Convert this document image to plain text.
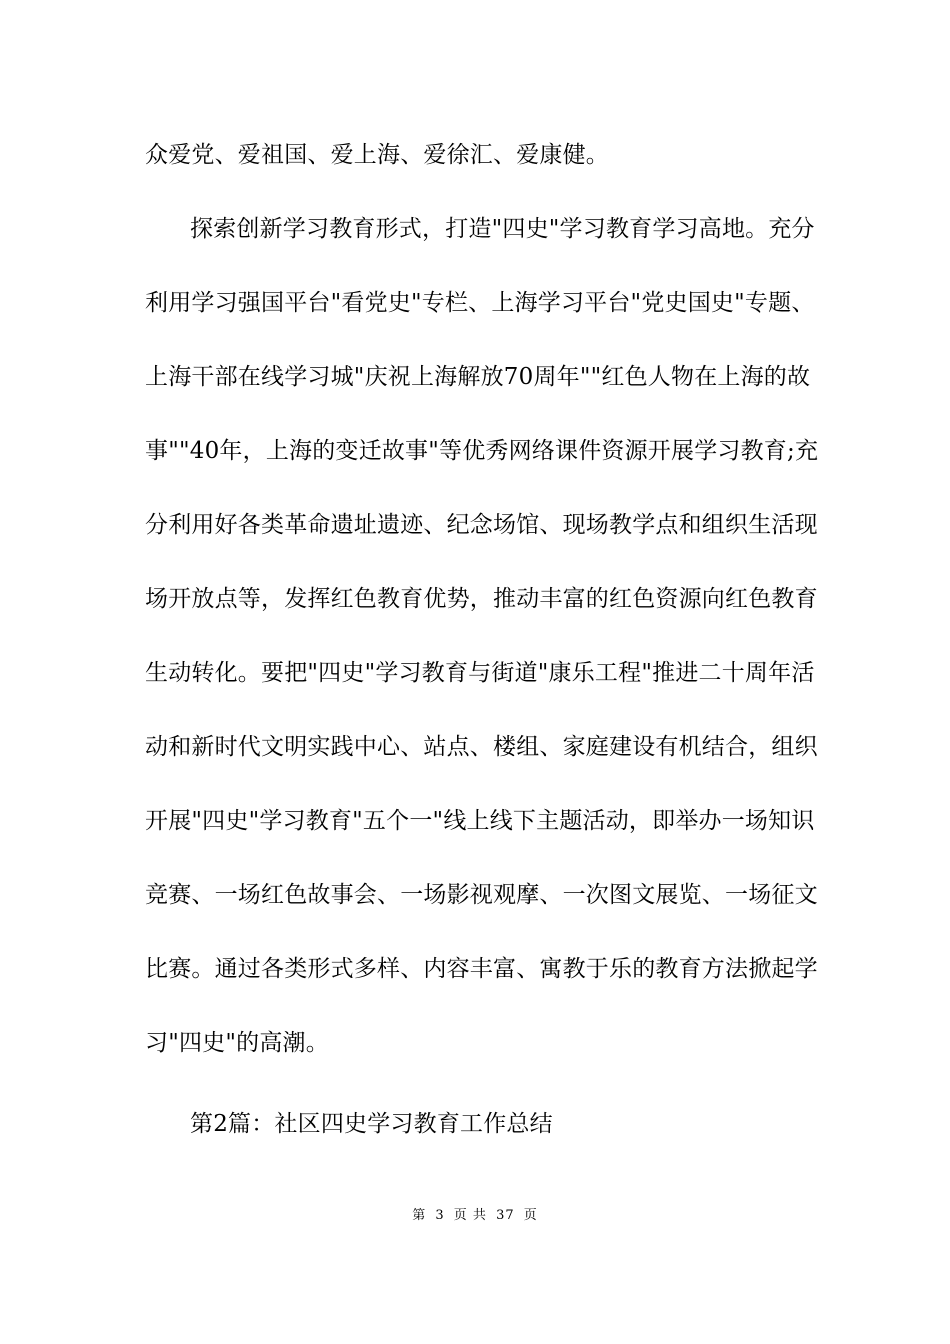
众爱党、爱祖国、爱上海、爱徐汇、爱康健。
探索创新学习教育形式，打造"四史"学习教育学习高地。充分
利用学习强国平台"看党史"专栏、上海学习平台"党史国史"专题、
上海干部在线学习城"庆祝上海解放70周年""红色人物在上海的故
事""40年，上海的变迁故事"等优秀网络课件资源开展学习教育;充
分利用好各类革命遗址遗迹、纪念场馆、现场教学点和组织生活现
场开放点等，发挥红色教育优势，推动丰富的红色资源向红色教育
生动转化。要把"四史"学习教育与街道"康乐工程"推进二十周年活
动和新时代文明实践中心、站点、楼组、家庭建设有机结合，组织
开展"四史"学习教育"五个一"线上线下主题活动，即举办一场知识
竞赛、一场红色故事会、一场影视观摩、一次图文展览、一场征文
比赛。通过各类形式多样、内容丰富、寓教于乐的教育方法掀起学
习"四史"的高潮。
第2篇：社区四史学习教育工作总结
第 3 页 共 37 页
